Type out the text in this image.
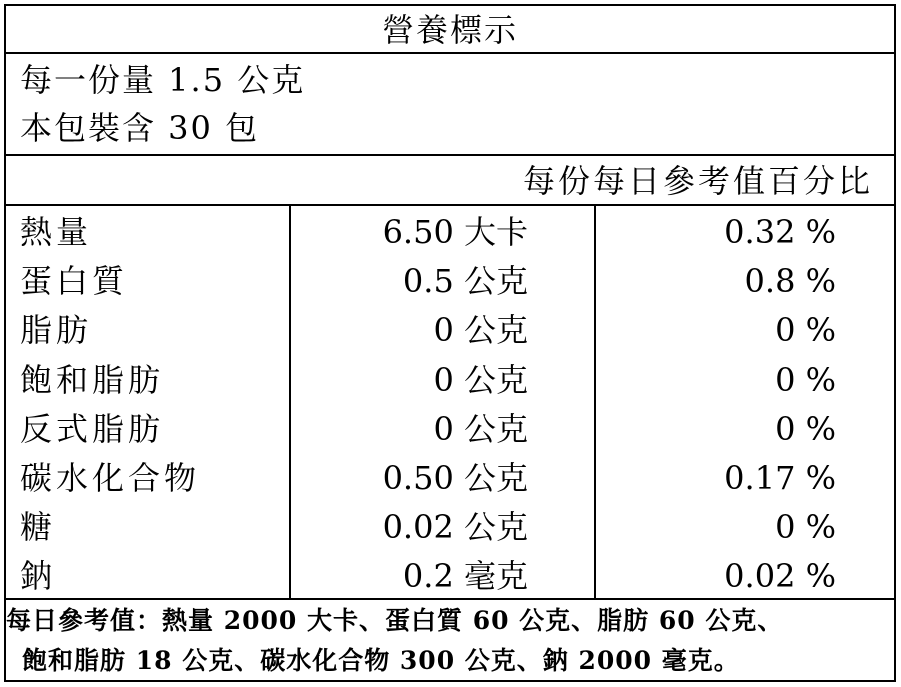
營養標示
每一份量 1.5 公克
本包裝含 30 包
每份每日參考值百分比
熱量	6.50 大卡	0.32 %
蛋白質	0.5 公克	0.8 %
脂肪	0 公克	0 %
飽和脂肪	0 公克	0 %
反式脂肪	0 公克	0 %
碳水化合物	0.50 公克	0.17 %
糖	0.02 公克	0 %
鈉	0.2 毫克	0.02 %
每日參考值：熱量 2000 大卡、蛋白質 60 公克、脂肪 60 公克、
飽和脂肪 18 公克、碳水化合物 300 公克、鈉 2000 毫克。
